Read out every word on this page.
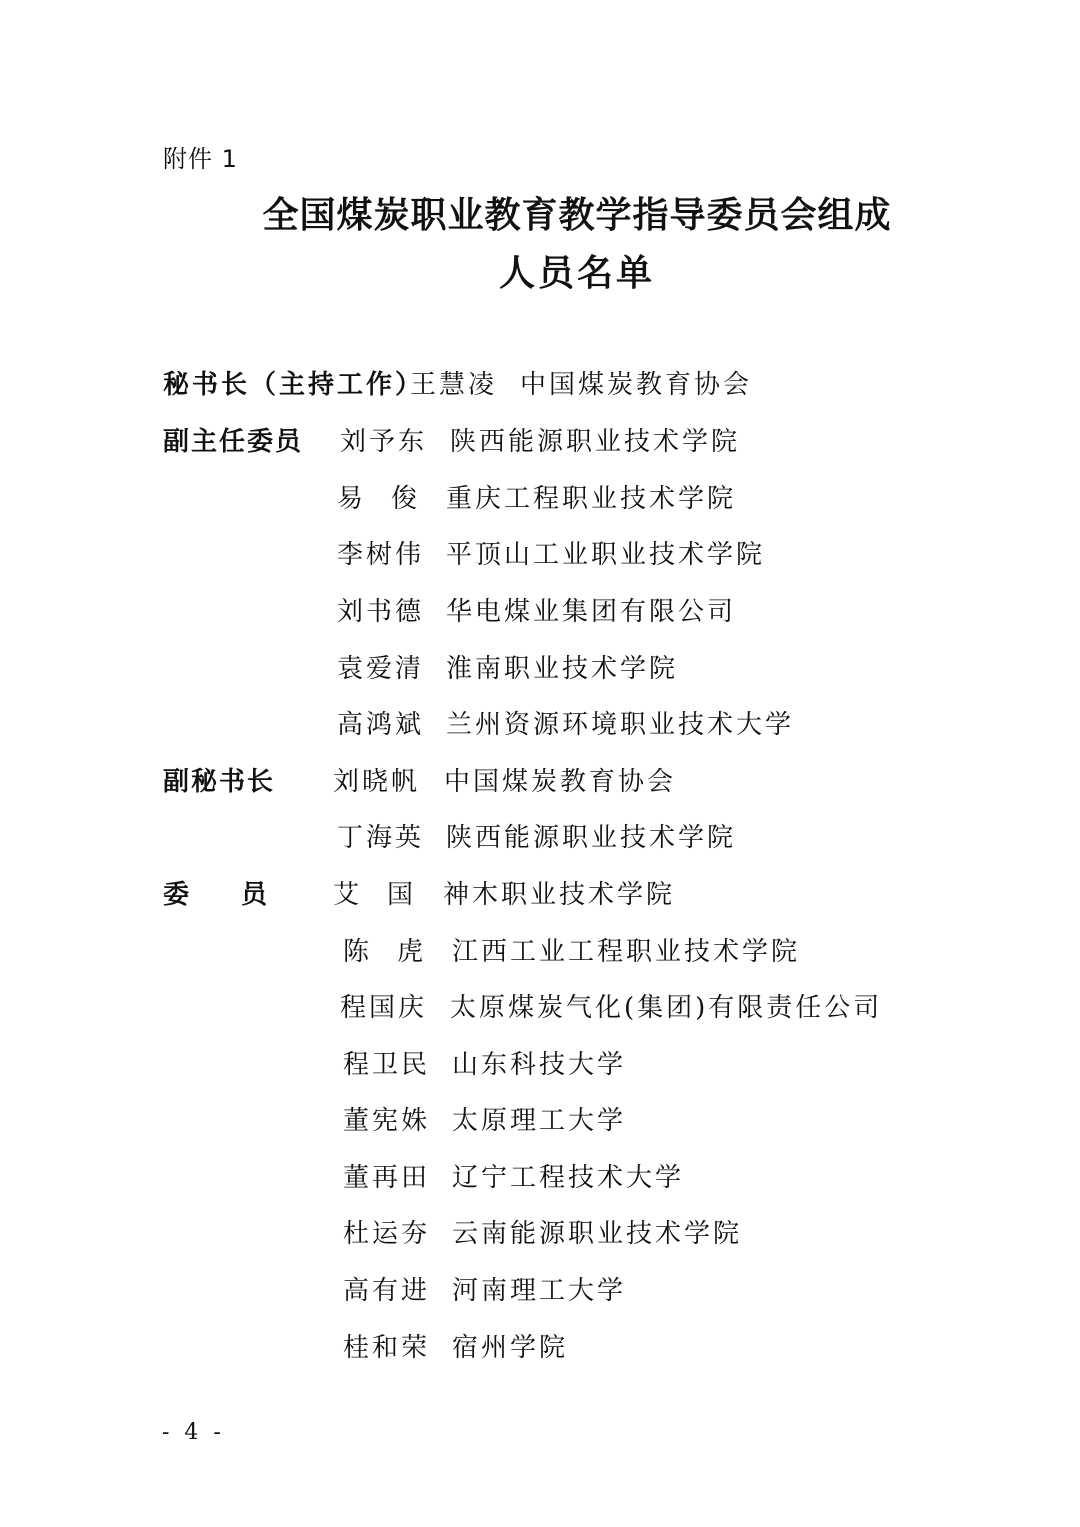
附件 1
全国煤炭职业教育教学指导委员会组成
人员名单
秘书长（主持工作）
王慧凌 中国煤炭教育协会
副主任委员 刘予东 陕西能源职业技术学院
易俊 重庆工程职业技术学院
李树伟 平顶山工业职业技术学院
刘书德 华电煤业集团有限公司
袁爱清 淮南职业技术学院
高鸿斌 兰州资源环境职业技术大学
副秘书长 刘晓帆 中国煤炭教育协会
丁海英 陕西能源职业技术学院
委员 艾国 神木职业技术学院
陈虎 江西工业工程职业技术学院
程国庆 太原煤炭气化(集团)有限责任公司
程卫民 山东科技大学
董宪姝 太原理工大学
董再田 辽宁工程技术大学
杜运夯 云南能源职业技术学院
高有进 河南理工大学
桂和荣 宿州学院
- 4 -
